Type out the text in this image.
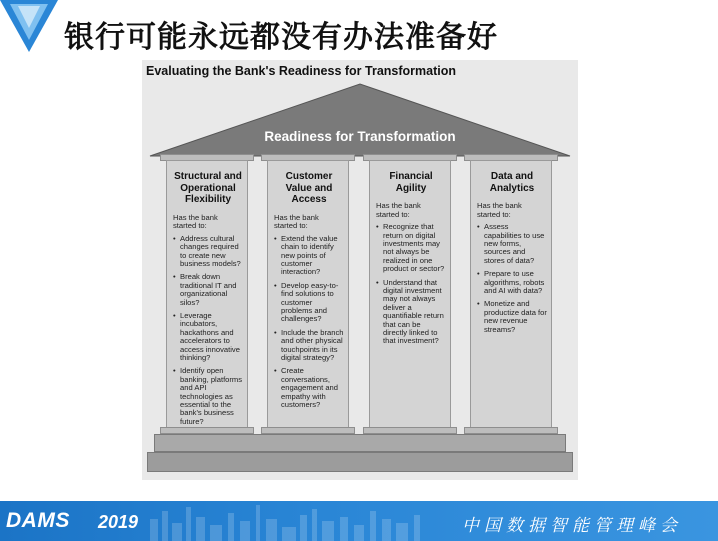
银行可能永远都没有办法准备好
Evaluating the Bank's Readiness for Transformation
Readiness for Transformation
Structural and Operational Flexibility
Has the bank started to:
• Address cultural changes required to create new business models?
• Break down traditional IT and organizational silos?
• Leverage incubators, hackathons and accelerators to access innovative thinking?
• Identify open banking, platforms and API technologies as essential to the bank's business future?
Customer Value and Access
Has the bank started to:
• Extend the value chain to identify new points of customer interaction?
• Develop easy-to-find solutions to customer problems and challenges?
• Include the branch and other physical touchpoints in its digital strategy?
• Create conversations, engagement and empathy with customers?
Financial Agility
Has the bank started to:
• Recognize that return on digital investments may not always be realized in one product or sector?
• Understand that digital investment may not always deliver a quantifiable return that can be directly linked to that investment?
Data and Analytics
Has the bank started to:
• Assess capabilities to use new forms, sources and stores of data?
• Prepare to use algorithms, robots and AI with data?
• Monetize and productize data for new revenue streams?
DAMS 2019	中国数据智能管理峰会
